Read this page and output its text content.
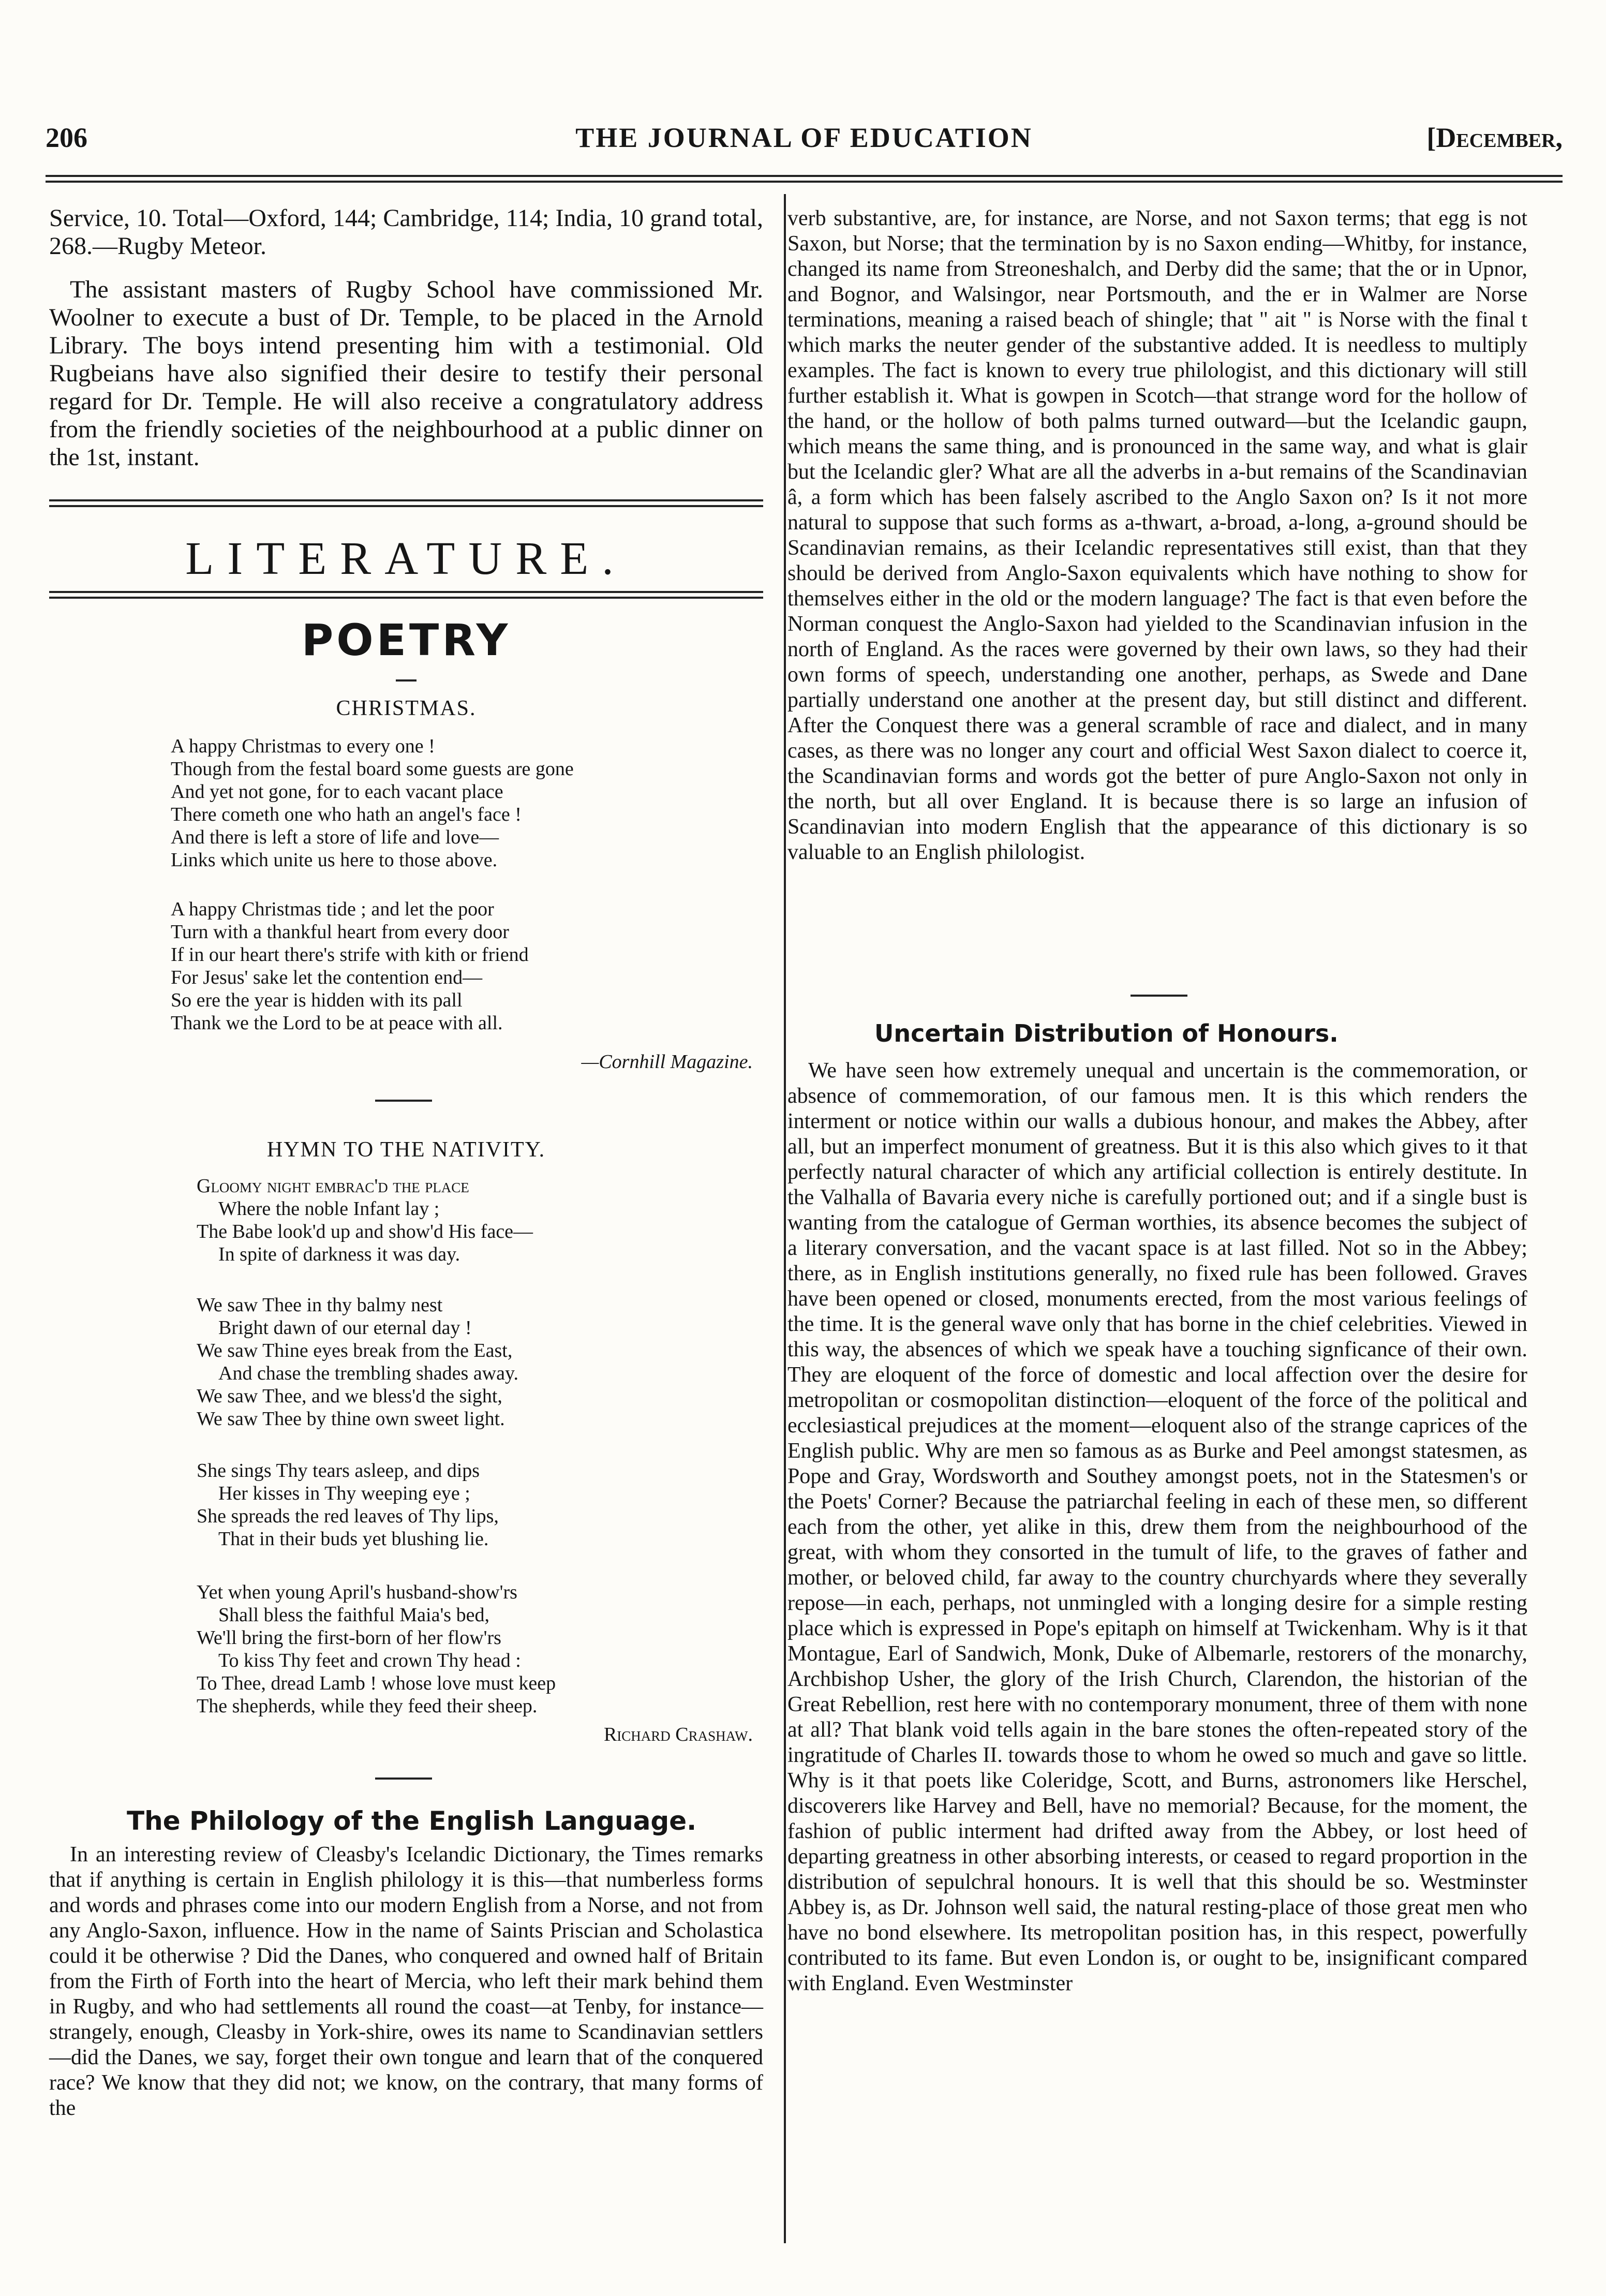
206	THE JOURNAL OF EDUCATION	[December,

Service, 10. Total—Oxford, 144; Cambridge, 114; India, 10 grand total, 268.—Rugby Meteor.

The assistant masters of Rugby School have commissioned Mr. Woolner to execute a bust of Dr. Temple, to be placed in the Arnold Library. The boys intend presenting him with a testimonial. Old Rugbeians have also signified their desire to testify their personal regard for Dr. Temple. He will also receive a congratulatory address from the friendly societies of the neighbourhood at a public dinner on the 1st, instant.

LITERATURE.
POETRY
CHRISTMAS.
A happy Christmas to every one !
Though from the festal board some guests are gone
And yet not gone, for to each vacant place
There cometh one who hath an angel's face !
And there is left a store of life and love—
Links which unite us here to those above.
A happy Christmas tide ; and let the poor
Turn with a thankful heart from every door
If in our heart there's strife with kith or friend
For Jesus' sake let the contention end—
So ere the year is hidden with its pall
Thank we the Lord to be at peace with all.
—Cornhill Magazine.
HYMN TO THE NATIVITY.
Gloomy night embrac'd the place
Where the noble Infant lay ;
The Babe look'd up and show'd His face—
In spite of darkness it was day.
We saw Thee in thy balmy nest
Bright dawn of our eternal day !
We saw Thine eyes break from the East,
And chase the trembling shades away.
We saw Thee, and we bless'd the sight,
We saw Thee by thine own sweet light.
She sings Thy tears asleep, and dips
Her kisses in Thy weeping eye ;
She spreads the red leaves of Thy lips,
That in their buds yet blushing lie.
Yet when young April's husband-show'rs
Shall bless the faithful Maia's bed,
We'll bring the first-born of her flow'rs
To kiss Thy feet and crown Thy head :
To Thee, dread Lamb ! whose love must keep
The shepherds, while they feed their sheep.
Richard Crashaw.
The Philology of the English Language.

In an interesting review of Cleasby's Icelandic Dictionary, the Times remarks that if anything is certain in English philology it is this—that numberless forms and words and phrases come into our modern English from a Norse, and not from any Anglo-Saxon, influence. How in the name of Saints Priscian and Scholastica could it be otherwise ? Did the Danes, who conquered and owned half of Britain from the Firth of Forth into the heart of Mercia, who left their mark behind them in Rugby, and who had settlements all round the coast—at Tenby, for instance—strangely, enough, Cleasby in York-shire, owes its name to Scandinavian settlers—did the Danes, we say, forget their own tongue and learn that of the conquered race? We know that they did not; we know, on the contrary, that many forms of the

verb substantive, are, for instance, are Norse, and not Saxon terms; that egg is not Saxon, but Norse; that the termination by is no Saxon ending—Whitby, for instance, changed its name from Streoneshalch, and Derby did the same; that the or in Upnor, and Bognor, and Walsingor, near Portsmouth, and the er in Walmer are Norse terminations, meaning a raised beach of shingle; that " ait " is Norse with the final t which marks the neuter gender of the substantive added. It is needless to multiply examples. The fact is known to every true philologist, and this dictionary will still further establish it. What is gowpen in Scotch—that strange word for the hollow of the hand, or the hollow of both palms turned outward—but the Icelandic gaupn, which means the same thing, and is pronounced in the same way, and what is glair but the Icelandic gler? What are all the adverbs in a-but remains of the Scandinavian â, a form which has been falsely ascribed to the Anglo Saxon on? Is it not more natural to suppose that such forms as a-thwart, a-broad, a-long, a-ground should be Scandinavian remains, as their Icelandic representatives still exist, than that they should be derived from Anglo-Saxon equivalents which have nothing to show for themselves either in the old or the modern language? The fact is that even before the Norman conquest the Anglo-Saxon had yielded to the Scandinavian infusion in the north of England. As the races were governed by their own laws, so they had their own forms of speech, understanding one another, perhaps, as Swede and Dane partially understand one another at the present day, but still distinct and different. After the Conquest there was a general scramble of race and dialect, and in many cases, as there was no longer any court and official West Saxon dialect to coerce it, the Scandinavian forms and words got the better of pure Anglo-Saxon not only in the north, but all over England. It is because there is so large an infusion of Scandinavian into modern English that the appearance of this dictionary is so valuable to an English philologist.

Uncertain Distribution of Honours.

We have seen how extremely unequal and uncertain is the commemoration, or absence of commemoration, of our famous men. It is this which renders the interment or notice within our walls a dubious honour, and makes the Abbey, after all, but an imperfect monument of greatness. But it is this also which gives to it that perfectly natural character of which any artificial collection is entirely destitute. In the Valhalla of Bavaria every niche is carefully portioned out; and if a single bust is wanting from the catalogue of German worthies, its absence becomes the subject of a literary conversation, and the vacant space is at last filled. Not so in the Abbey; there, as in English institutions generally, no fixed rule has been followed. Graves have been opened or closed, monuments erected, from the most various feelings of the time. It is the general wave only that has borne in the chief celebrities. Viewed in this way, the absences of which we speak have a touching signficance of their own. They are eloquent of the force of domestic and local affection over the desire for metropolitan or cosmopolitan distinction—eloquent of the force of the political and ecclesiastical prejudices at the moment—eloquent also of the strange caprices of the English public. Why are men so famous as as Burke and Peel amongst statesmen, as Pope and Gray, Wordsworth and Southey amongst poets, not in the Statesmen's or the Poets' Corner? Because the patriarchal feeling in each of these men, so different each from the other, yet alike in this, drew them from the neighbourhood of the great, with whom they consorted in the tumult of life, to the graves of father and mother, or beloved child, far away to the country churchyards where they severally repose—in each, perhaps, not unmingled with a longing desire for a simple resting place which is expressed in Pope's epitaph on himself at Twickenham. Why is it that Montague, Earl of Sandwich, Monk, Duke of Albemarle, restorers of the monarchy, Archbishop Usher, the glory of the Irish Church, Clarendon, the historian of the Great Rebellion, rest here with no contemporary monument, three of them with none at all? That blank void tells again in the bare stones the often-repeated story of the ingratitude of Charles II. towards those to whom he owed so much and gave so little. Why is it that poets like Coleridge, Scott, and Burns, astronomers like Herschel, discoverers like Harvey and Bell, have no memorial? Because, for the moment, the fashion of public interment had drifted away from the Abbey, or lost heed of departing greatness in other absorbing interests, or ceased to regard proportion in the distribution of sepulchral honours. It is well that this should be so. Westminster Abbey is, as Dr. Johnson well said, the natural resting-place of those great men who have no bond elsewhere. Its metropolitan position has, in this respect, powerfully contributed to its fame. But even London is, or ought to be, insignificant compared with England. Even Westminster
